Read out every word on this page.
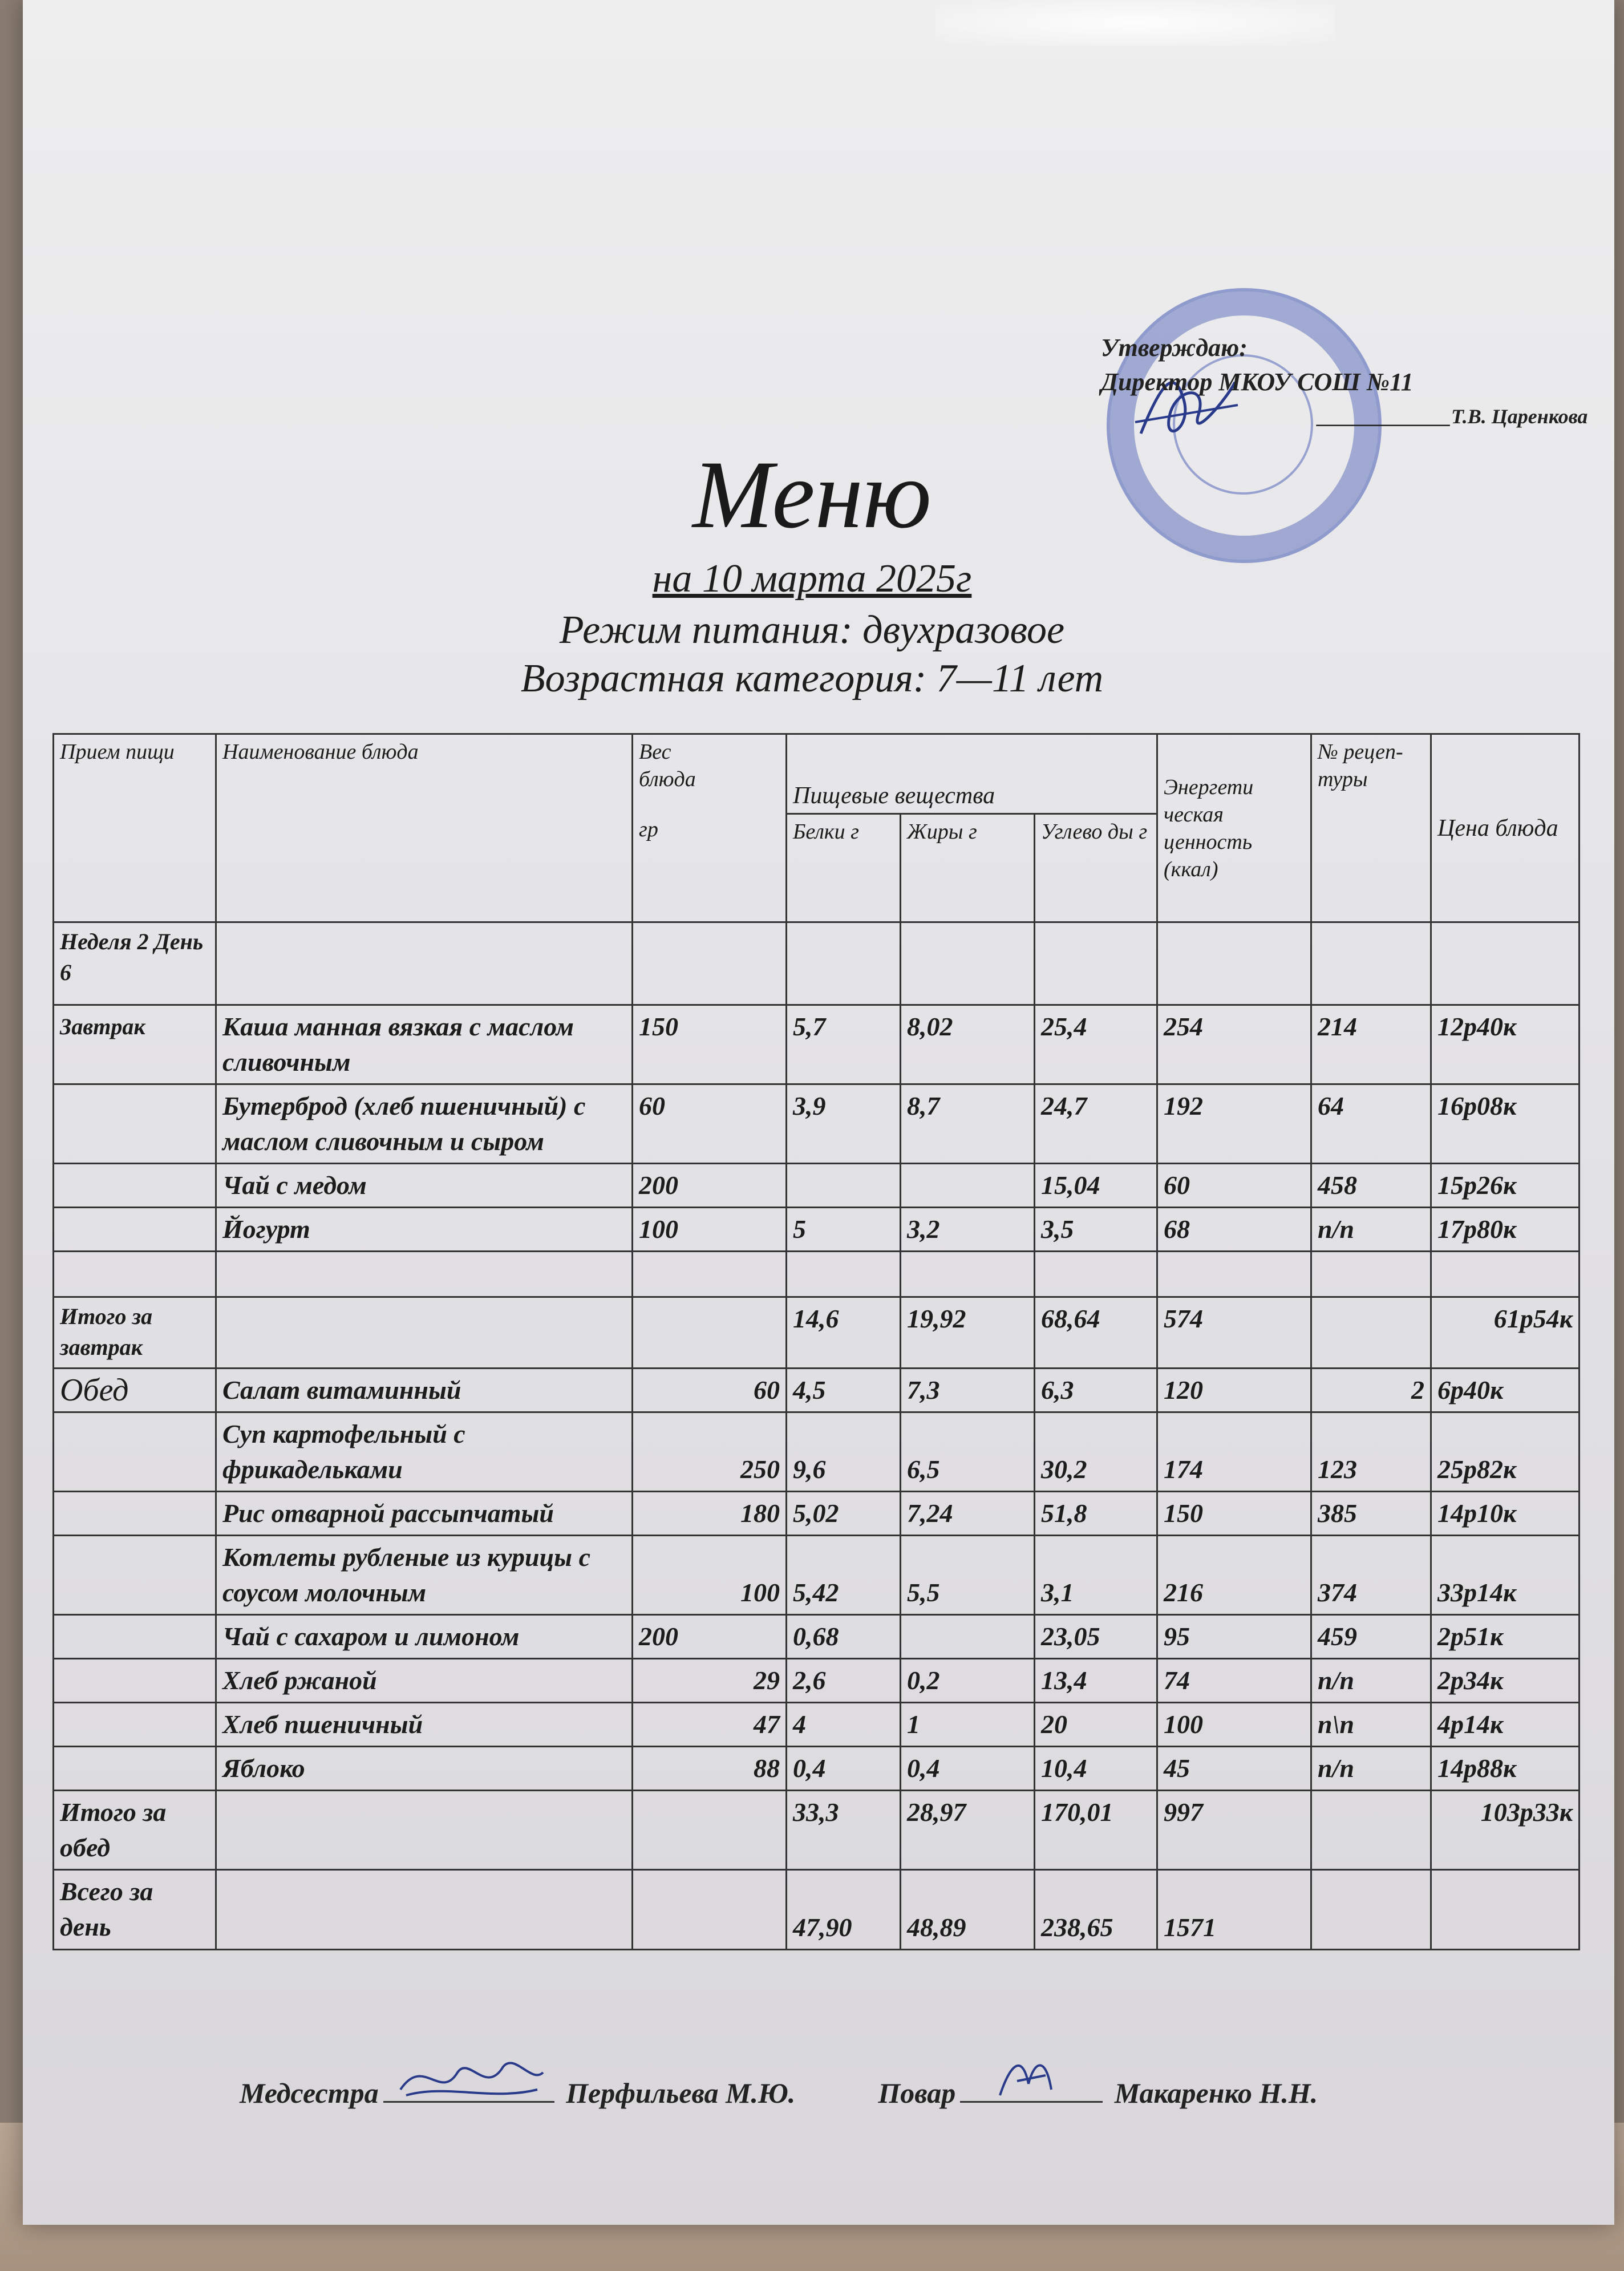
Утверждаю:
Директор МКОУ СОШ №11
_____________Т.В. Царенкова
Меню
на 10 марта 2025г
Режим питания: двухразовое
Возрастная категория: 7—11 лет
Прием пищи	Наименование блюда	Вес
блюда
гр	Пищевые вещества			Энергети ческая ценность (ккал)	№ рецеп- туры	Цена блюда
			Белки г	Жиры г	Углево ды г			
Неделя 2 День 6								
Завтрак	Каша манная вязкая с маслом сливочным	150	5,7	8,02	25,4	254	214	12р40к
	Бутерброд (хлеб пшеничный) с маслом сливочным и сыром	60	3,9	8,7	24,7	192	64	16р08к
	Чай с медом	200			15,04	60	458	15р26к
	Йогурт	100	5	3,2	3,5	68	п/п	17р80к

Итого за завтрак			14,6	19,92	68,64	574		61р54к
Обед	Салат витаминный	60	4,5	7,3	6,3	120	2	6р40к
	Суп картофельный с фрикадельками	250	9,6	6,5	30,2	174	123	25р82к
	Рис отварной рассыпчатый	180	5,02	7,24	51,8	150	385	14р10к
	Котлеты рубленые из курицы с соусом молочным	100	5,42	5,5	3,1	216	374	33р14к
	Чай с сахаром и лимоном	200	0,68		23,05	95	459	2р51к
	Хлеб ржаной	29	2,6	0,2	13,4	74	п/п	2р34к
	Хлеб пшеничный	47	4	1	20	100	п\п	4р14к
	Яблоко	88	0,4	0,4	10,4	45	п/п	14р88к
Итого за обед			33,3	28,97	170,01	997		103р33к
Всего за день			47,90	48,89	238,65	1571		
Медсестра	Перфильева М.Ю.	Повар	Макаренко Н.Н.
